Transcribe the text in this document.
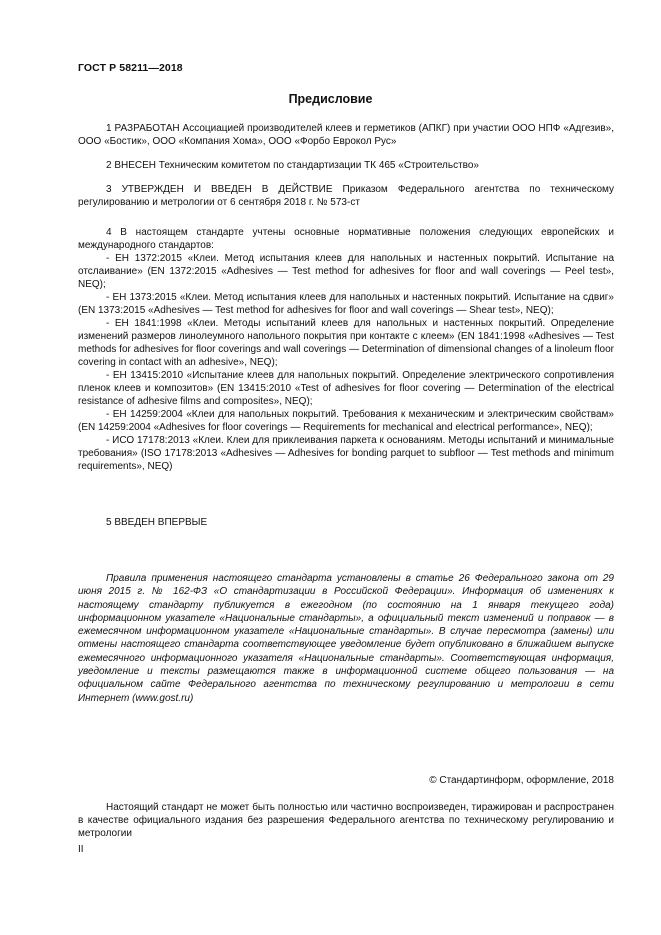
ГОСТ Р 58211—2018
Предисловие

1 РАЗРАБОТАН Ассоциацией производителей клеев и герметиков (АПКГ) при участии ООО НПФ «Адгезив», ООО «Бостик», ООО «Компания Хома», ООО «Форбо Еврокол Рус»

2 ВНЕСЕН Техническим комитетом по стандартизации ТК 465 «Строительство»

3 УТВЕРЖДЕН И ВВЕДЕН В ДЕЙСТВИЕ Приказом Федерального агентства по техническому регулированию и метрологии от 6 сентября 2018 г. № 573-ст

4 В настоящем стандарте учтены основные нормативные положения следующих европейских и международного стандартов:

- ЕН 1372:2015 «Клеи. Метод испытания клеев для напольных и настенных покрытий. Испытание на отслаивание» (EN 1372:2015 «Adhesives — Test method for adhesives for floor and wall coverings — Peel test», NEQ);

- ЕН 1373:2015 «Клеи. Метод испытания клеев для напольных и настенных покрытий. Испытание на сдвиг» (EN 1373:2015 «Adhesives — Test method for adhesives for floor and wall coverings — Shear test», NEQ);

- ЕН 1841:1998 «Клеи. Методы испытаний клеев для напольных и настенных покрытий. Определение изменений размеров линолеумного напольного покрытия при контакте с клеем» (EN 1841:1998 «Adhesives — Test methods for adhesives for floor coverings and wall coverings — Determination of dimensional changes of a linoleum floor covering in contact with an adhesive», NEQ);

- ЕН 13415:2010 «Испытание клеев для напольных покрытий. Определение электрического сопротивления пленок клеев и композитов» (EN 13415:2010 «Test of adhesives for floor covering — Determination of the electrical resistance of adhesive films and composites», NEQ);

- ЕН 14259:2004 «Клеи для напольных покрытий. Требования к механическим и электрическим свойствам» (EN 14259:2004 «Adhesives for floor coverings — Requirements for mechanical and electrical performance», NEQ);

- ИСО 17178:2013 «Клеи. Клеи для приклеивания паркета к основаниям. Методы испытаний и минимальные требования» (ISO 17178:2013 «Adhesives — Adhesives for bonding parquet to subfloor — Test methods and minimum requirements», NEQ)

5 ВВЕДЕН ВПЕРВЫЕ

Правила применения настоящего стандарта установлены в статье 26 Федерального закона от 29 июня 2015 г. № 162-ФЗ «О стандартизации в Российской Федерации». Информация об изменениях к настоящему стандарту публикуется в ежегодном (по состоянию на 1 января текущего года) информационном указателе «Национальные стандарты», а официальный текст изменений и поправок — в ежемесячном информационном указателе «Национальные стандарты». В случае пересмотра (замены) или отмены настоящего стандарта соответствующее уведомление будет опубликовано в ближайшем выпуске ежемесячного информационного указателя «Национальные стандарты». Соответствующая информация, уведомление и тексты размещаются также в информационной системе общего пользования — на официальном сайте Федерального агентства по техническому регулированию и метрологии в сети Интернет (www.gost.ru)

© Стандартинформ, оформление, 2018

Настоящий стандарт не может быть полностью или частично воспроизведен, тиражирован и распространен в качестве официального издания без разрешения Федерального агентства по техническому регулированию и метрологии

II
